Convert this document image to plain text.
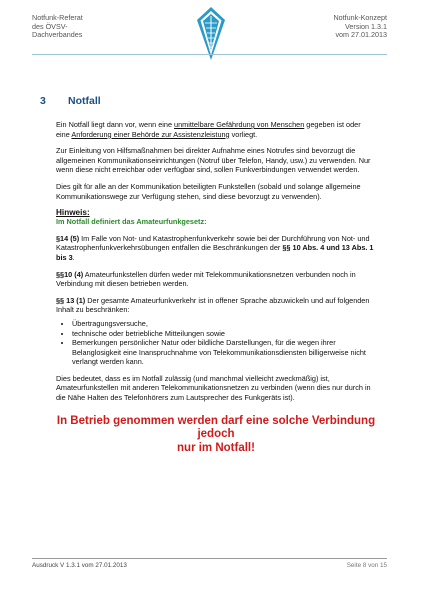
Notfunk-Referat
des ÖVSV-
Dachverbandes
Notfunk-Konzept
Version 1.3.1
vom 27.01.2013
3 Notfall

Ein Notfall liegt dann vor, wenn eine unmittelbare Gefährdung von Menschen gegeben ist oder eine Anforderung einer Behörde zur Assistenzleistung vorliegt.

Zur Einleitung von Hilfsmaßnahmen bei direkter Aufnahme eines Notrufes sind bevorzugt die allgemeinen Kommunikationseinrichtungen (Notruf über Telefon, Handy, usw.) zu verwenden. Nur wenn diese nicht erreichbar oder verfügbar sind, sollen Funkverbindungen verwendet werden.

Dies gilt für alle an der Kommunikation beteiligten Funkstellen (sobald und solange allgemeine Kommunikationswege zur Verfügung stehen, sind diese bevorzugt zu verwenden).

Hinweis:
Im Notfall definiert das Amateurfunkgesetz:

§14 (5) Im Falle von Not- und Katastrophenfunkverkehr sowie bei der Durchführung von Not- und Katastrophenfunkverkehrsübungen entfallen die Beschränkungen der §§ 10 Abs. 4 und 13 Abs. 1 bis 3.

§§10 (4) Amateurfunkstellen dürfen weder mit Telekommunikationsnetzen verbunden noch in Verbindung mit diesen betrieben werden.

§§ 13 (1) Der gesamte Amateurfunkverkehr ist in offener Sprache abzuwickeln und auf folgenden Inhalt zu beschränken:

• Übertragungsversuche,
• technische oder betriebliche Mitteilungen sowie
• Bemerkungen persönlicher Natur oder bildliche Darstellungen, für die wegen ihrer Belanglosigkeit eine Inanspruchnahme von Telekommunikationsdiensten billigerweise nicht verlangt werden kann.

Dies bedeutet, dass es im Notfall zulässig (und manchmal vielleicht zweckmäßig) ist, Amateurfunkstellen mit anderen Telekommunikationsnetzen zu verbinden (wenn dies nur durch in die Nähe Halten des Telefonhörers zum Lautsprecher des Funkgeräts ist).

In Betrieb genommen werden darf eine solche Verbindung
jedoch
nur im Notfall!
Ausdruck V 1.3.1 vom 27.01.2013	Seite 8 von 15
